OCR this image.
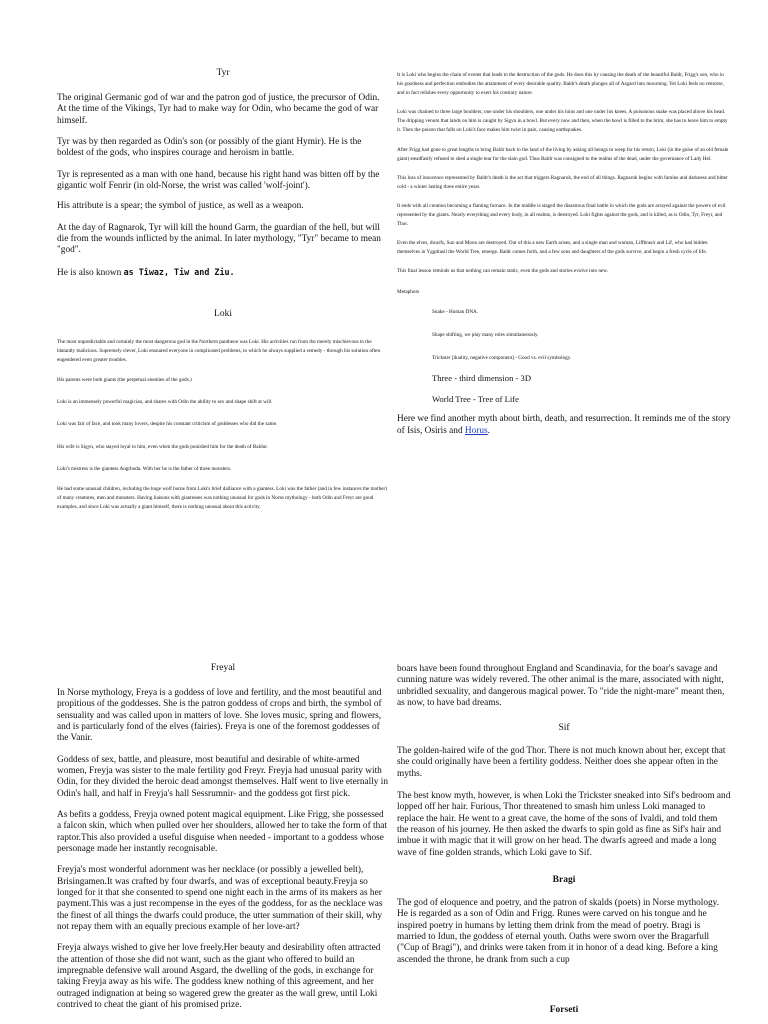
Tyr

The original Germanic god of war and the patron god of justice, the precursor of Odin. At the time of the Vikings, Tyr had to make way for Odin, who became the god of war himself.

Tyr was by then regarded as Odin's son (or possibly of the giant Hymir). He is the boldest of the gods, who inspires courage and heroism in battle.

Tyr is represented as a man with one hand, because his right hand was bitten off by the gigantic wolf Fenrir (in old-Norse, the wrist was called 'wolf-joint').

His attribute is a spear; the symbol of justice, as well as a weapon.

At the day of Ragnarok, Tyr will kill the hound Garm, the guardian of the hell, but will die from the wounds inflicted by the animal. In later mythology, "Tyr" became to mean "god".

He is also known as Tîwaz, Tiw and Ziu.

Loki

The most unpredictable and certainly the most dangerous god in the Northern pantheon was Loki. His activities run from the merely mischievous to the blatantly malicious. Supremely clever, Loki ensnared everyone in complicated problems, to which he always supplied a remedy - through his solution often engendered even greater troubles.

His parents were both giants (the perpetual enemies of the gods.)

Loki is an immensely powerful magician, and shares with Odin the ability to sex and shape shift at will.

Loki was fair of face, and took many lovers, despite his constant criticism of goddesses who did the same.

His wife is Sigyn, who stayed loyal to him, even when the gods punished him for the death of Baldur.

Loki's mistress is the giantess Angrboda. With her he is the father of three monsters.

He had some unusual children, including the huge wolf borne from Loki's brief dalliance with a giantess. Loki was the father (and in few instances the mother) of many creatures, men and monsters. Having liaisons with giantesses was nothing unusual for gods in Norse mythology - both Odin and Freyr are good examples, and since Loki was actually a giant himself, there is nothing unusual about this activity.

It is Loki who begins the chain of events that leads to the destruction of the gods. He does this by causing the death of the beautiful Baldr, Frigg's son, who in his goodness and perfection embodies the attainment of every desirable quality. Baldr's death plunges all of Asgard into mourning. Yet Loki feels no remorse, and in fact relishes every opportunity to exert his contrary nature.

Loki was chained to three large boulders; one under his shoulders, one under his loins and one under his knees. A poisonous snake was placed above his head. The dripping venom that lands on him is caught by Sigyn in a bowl. But every now and then, when the bowl is filled to the brim, she has to leave him to empty it. Then the poison that falls on Loki's face makes him twist in pain, causing earthquakes.

After Frigg had gone to great lengths to bring Baldr back to the land of the living by asking all beings to weep for his return, Loki (in the guise of an old female giant) steadfastly refused to shed a single tear for the slain god. Thus Baldr was consigned to the realms of the dead, under the governance of Lady Hel.

This loss of innocence represented by Baldr's death is the act that triggers Ragnarok, the end of all things. Ragnarok begins with famine and darkness and bitter cold - a winter lasting three entire years.

It ends with all creation becoming a flaming furnace. In the middle is staged the disastrous final battle in which the gods are arrayed against the powers of evil represented by the giants. Nearly everything and every body, in all realms, is destroyed. Loki fights against the gods, and is killed, as is Odin, Tyr, Freyr, and Thor.

Even the elves, dwarfs, Sun and Moon are destroyed. Out of this a new Earth arises, and a single man and woman, Liffbrasir and Lif, who had hidden themselves in Yggdrasil the World Tree, emerge. Baldr comes forth, and a few sons and daughters of the gods survive, and begin a fresh cycle of life.

This final lesson reminds us that nothing can remain static, even the gods and stories evolve into new.

Metaphors

Snake - Human DNA.

Shape shifting, we play many roles simultaneously.

Trickster [duality, negative component] - Good vs. evil symbology.

Three - third dimension - 3D

World Tree - Tree of Life

Here we find another myth about birth, death, and resurrection. It reminds me of the story of Isis, Osiris and Horus.

Freyal

In Norse mythology, Freya is a goddess of love and fertility, and the most beautiful and propitious of the goddesses. She is the patron goddess of crops and birth, the symbol of sensuality and was called upon in matters of love. She loves music, spring and flowers, and is particularly fond of the elves (fairies). Freya is one of the foremost goddesses of the Vanir.

Goddess of sex, battle, and pleasure, most beautiful and desirable of white-armed women, Freyja was sister to the male fertility god Freyr. Freyja had unusual parity with Odin, for they divided the heroic dead amongst themselves. Half went to live eternally in Odin's hall, and half in Freyja's hall Sessrumnir- and the goddess got first pick.

As befits a goddess, Freyja owned potent magical equipment. Like Frigg, she possessed a falcon skin, which when pulled over her shoulders, allowed her to take the form of that raptor.This also provided a useful disguise when needed - important to a goddess whose personage made her instantly recognisable.

Freyja's most wonderful adornment was her necklace (or possibly a jewelled belt), Brisingamen.It was crafted by four dwarfs, and was of exceptional beauty.Freyja so longed for it that she consented to spend one night each in the arms of its makers as her payment.This was a just recompense in the eyes of the goddess, for as the necklace was the finest of all things the dwarfs could produce, the utter summation of their skill, why not repay them with an equally precious example of her love-art?

Freyja always wished to give her love freely.Her beauty and desirability often attracted the attention of those she did not want, such as the giant who offered to build an impregnable defensive wall around Asgard, the dwelling of the gods, in exchange for taking Freyja away as his wife. The goddess knew nothing of this agreement, and her outraged indignation at being so wagered grew the greater as the wall grew, until Loki contrived to cheat the giant of his promised prize.

boars have been found throughout England and Scandinavia, for the boar's savage and cunning nature was widely revered. The other animal is the mare, associated with night, unbridled sexuality, and dangerous magical power. To "ride the night-mare" meant then, as now, to have bad dreams.

Sif

The golden-haired wife of the god Thor. There is not much known about her, except that she could originally have been a fertility goddess. Neither does she appear often in the myths.

The best know myth, however, is when Loki the Trickster sneaked into Sif's bedroom and lopped off her hair. Furious, Thor threatened to smash him unless Loki managed to replace the hair. He went to a great cave, the home of the sons of Ivaldi, and told them the reason of his journey. He then asked the dwarfs to spin gold as fine as Sif's hair and imbue it with magic that it will grow on her head. The dwarfs agreed and made a long wave of fine golden strands, which Loki gave to Sif.

Bragi

The god of eloquence and poetry, and the patron of skalds (poets) in Norse mythology. He is regarded as a son of Odin and Frigg. Runes were carved on his tongue and he inspired poetry in humans by letting them drink from the mead of poetry. Bragi is married to Idun, the goddess of eternal youth. Oaths were sworn over the Bragarfull ("Cup of Bragi"), and drinks were taken from it in honor of a dead king. Before a king ascended the throne, he drank from such a cup

Forseti
